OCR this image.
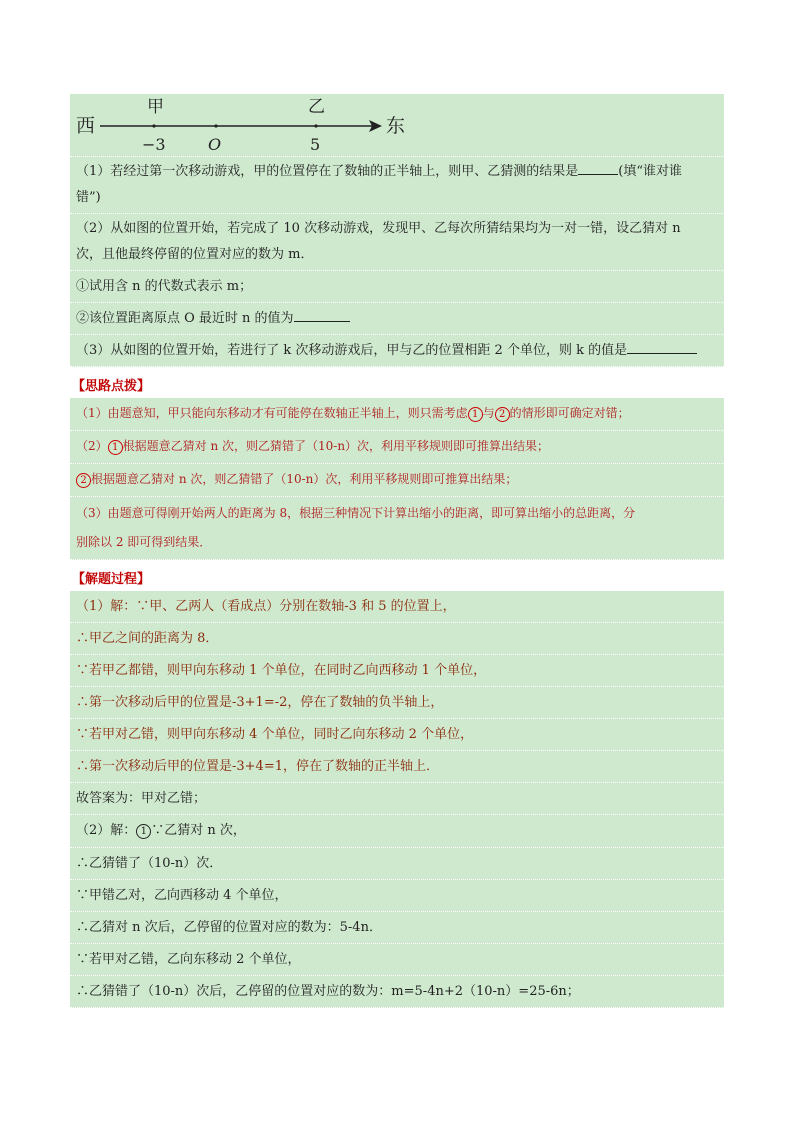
西	东
甲	乙
−3	O	5
（1）若经过第一次移动游戏，甲的位置停在了数轴的正半轴上，则甲、乙猜测的结果是	(填“谁对谁
错”)
（2）从如图的位置开始，若完成了 10 次移动游戏，发现甲、乙每次所猜结果均为一对一错，设乙猜对 n
次，且他最终停留的位置对应的数为 m．
①试用含 n 的代数式表示 m；
②该位置距离原点 O 最近时 n 的值为
（3）从如图的位置开始，若进行了 k 次移动游戏后，甲与乙的位置相距 2 个单位，则 k 的值是
【思路点拨】
（1）由题意知，甲只能向东移动才有可能停在数轴正半轴上，则只需考虑 1 与 2 的情形即可确定对错；
（2） 1 根据题意乙猜对 n 次，则乙猜错了（10-n）次，利用平移规则即可推算出结果；
2 根据题意乙猜对 n 次，则乙猜错了（10-n）次，利用平移规则即可推算出结果；
（3）由题意可得刚开始两人的距离为 8，根据三种情况下计算出缩小的距离，即可算出缩小的总距离，分
别除以 2 即可得到结果．
【解题过程】
（1）解：∵甲、乙两人（看成点）分别在数轴-3 和 5 的位置上，
∴甲乙之间的距离为 8．
∵若甲乙都错，则甲向东移动 1 个单位，在同时乙向西移动 1 个单位，
∴第一次移动后甲的位置是-3+1=-2，停在了数轴的负半轴上，
∵若甲对乙错，则甲向东移动 4 个单位，同时乙向东移动 2 个单位，
∴第一次移动后甲的位置是-3+4=1，停在了数轴的正半轴上．
故答案为：甲对乙错；
（2）解： 1 ∵乙猜对 n 次，
∴乙猜错了（10-n）次．
∵甲错乙对，乙向西移动 4 个单位，
∴乙猜对 n 次后，乙停留的位置对应的数为：5-4n．
∵若甲对乙错，乙向东移动 2 个单位，
∴乙猜错了（10-n）次后，乙停留的位置对应的数为：m=5-4n+2（10-n）=25-6n；
